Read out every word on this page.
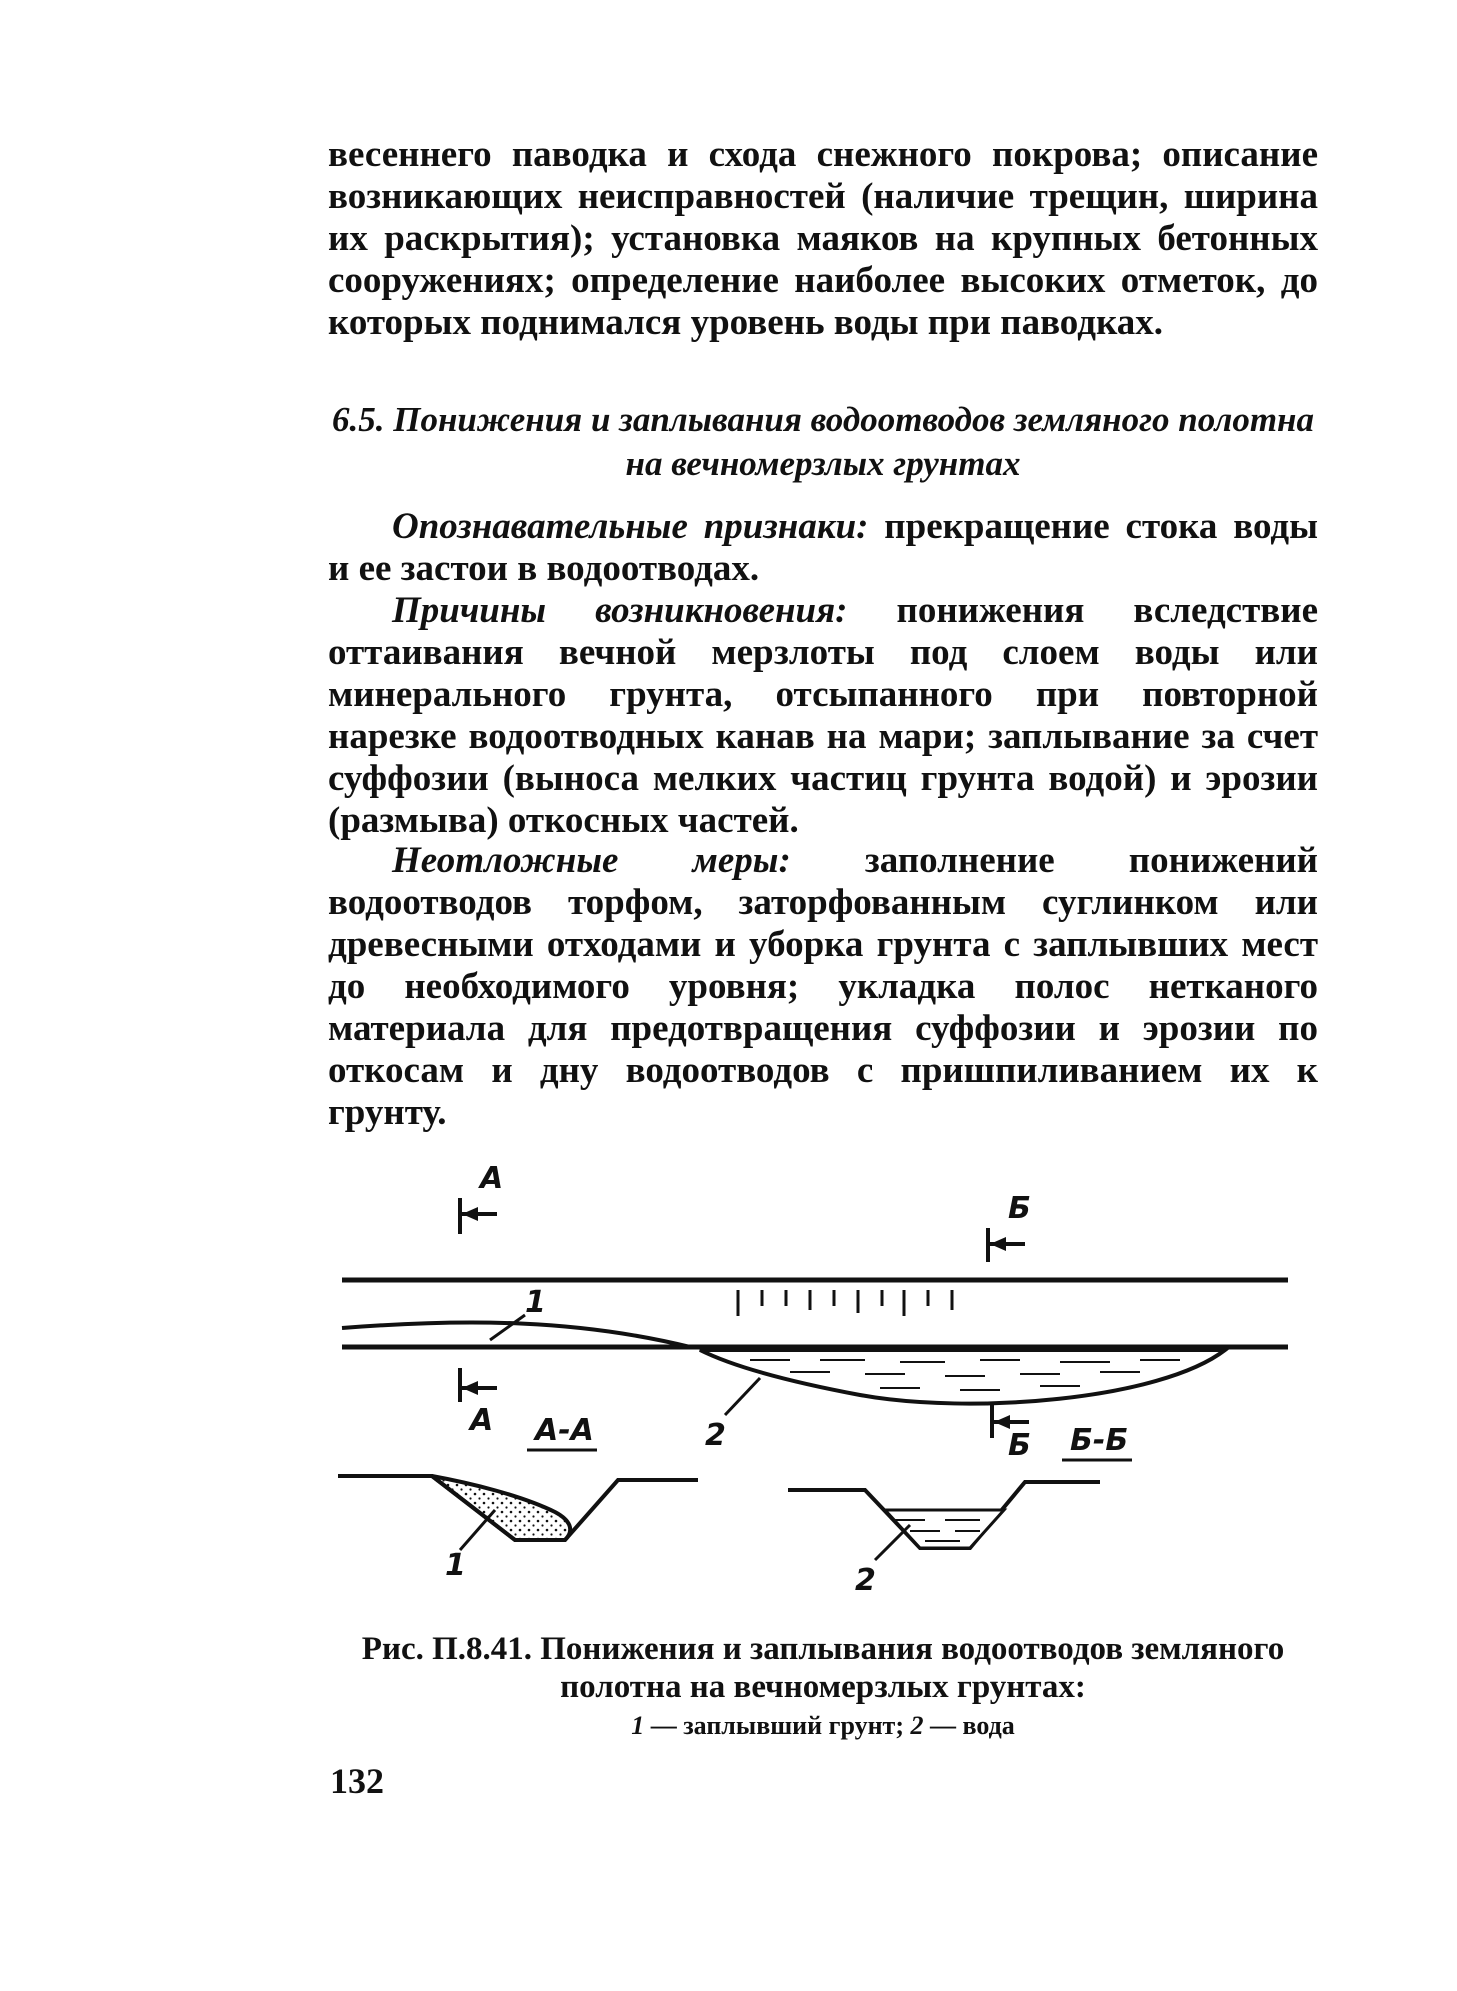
весеннего паводка и схода снежного покрова; описание возникающих неисправностей (наличие трещин, ширина их раскрытия); установка маяков на крупных бетонных сооружениях; определение наиболее высоких отметок, до которых поднимался уровень воды при паводках.

6.5. Понижения и заплывания водоотводов земляного полотна на вечномерзлых грунтах

Опознавательные признаки: прекращение стока воды и ее застои в водоотводах.

Причины возникновения: понижения вследствие оттаивания вечной мерзлоты под слоем воды или минерального грунта, отсыпанного при повторной нарезке водоотводных канав на мари; заплывание за счет суффозии (выноса мелких частиц грунта водой) и эрозии (размыва) откосных частей.

Неотложные меры: заполнение понижений водоотводов торфом, заторфованным суглинком или древесными отходами и уборка грунта с заплывших мест до необходимого уровня; укладка полос нетканого материала для предотвращения суффозии и эрозии по откосам и дну водоотводов с пришпиливанием их к грунту.

А
Б
1
2
А
Б
А-А	Б-Б
1	2

Рис. П.8.41. Понижения и заплывания водоотводов земляного полотна на вечномерзлых грунтах:

1 — заплывший грунт; 2 — вода

132
